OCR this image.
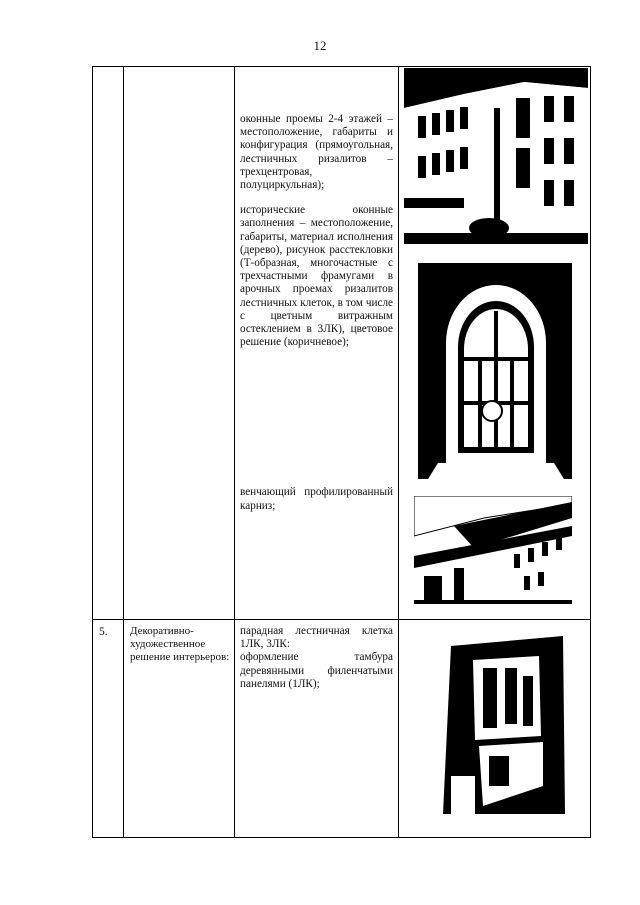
12

		оконные проемы 2-4 этажей – местоположение, габариты и конфигурация (прямоугольная, лестничных ризалитов – трехцентровая, полуциркульная);

исторические оконные заполнения – местоположение, габариты, материал исполнения (дерево), рисунок расстекловки (Т-образная, многочастные с трехчастными фрамугами в арочных проемах ризалитов лестничных клеток, в том числе с цветным витражным остеклением в 3ЛК), цветовое решение (коричневое);

венчающий профилированный карниз;	

5.	Декоративно-художественное решение интерьеров:	парадная лестничная клетка 1ЛК, 3ЛК:

оформление тамбура деревянными филенчатыми панелями (1ЛК);	
